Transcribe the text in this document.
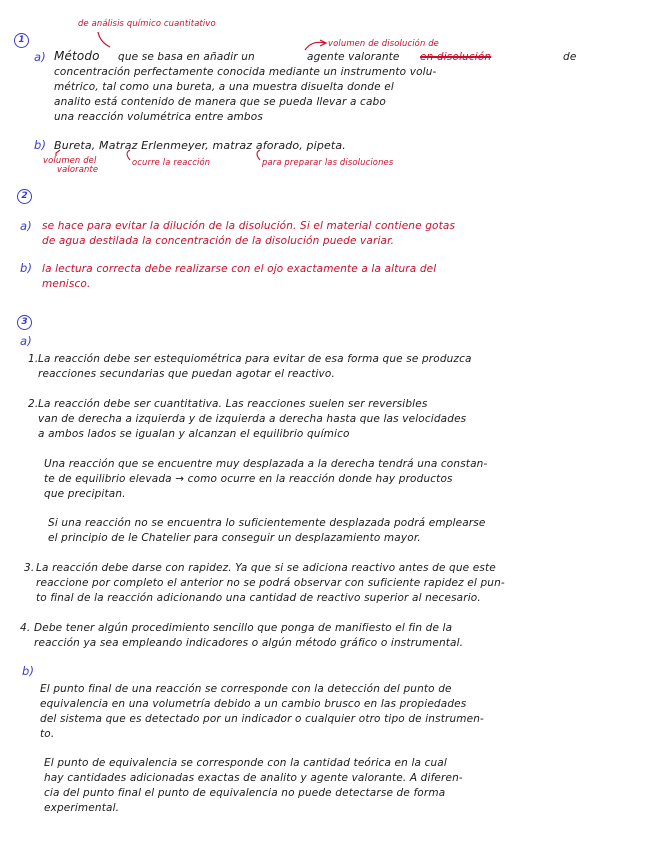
1
de análisis químico cuantitativo
volumen de disolución de
a) Método que se basa en añadir un	agente valorante en disolución	de
concentración perfectamente conocida mediante un instrumento volu-
métrico, tal como una bureta, a una muestra disuelta donde el
analito está contenido de manera que se pueda llevar a cabo
una reacción volumétrica entre ambos
b) Bureta, Matraz Erlenmeyer, matraz aforado, pipeta.
volumen del
valorante
ocurre la reacción	para preparar las disoluciones
2
a) se hace para evitar la dilución de la disolución. Si el material contiene gotas
de agua destilada la concentración de la disolución puede variar.
b) la lectura correcta debe realizarse con el ojo exactamente a la altura del
menisco.
3
a)
1. La reacción debe ser estequiométrica para evitar de esa forma que se produzca
reacciones secundarias que puedan agotar el reactivo.
2. La reacción debe ser cuantitativa. Las reacciones suelen ser reversibles
van de derecha a izquierda y de izquierda a derecha hasta que las velocidades
a ambos lados se igualan y alcanzan el equilibrio químico
Una reacción que se encuentre muy desplazada a la derecha tendrá una constan-
te de equilibrio elevada → como ocurre en la reacción donde hay productos
que precipitan.
Si una reacción no se encuentra lo suficientemente desplazada podrá emplearse
el principio de le Chatelier para conseguir un desplazamiento mayor.
3. La reacción debe darse con rapidez. Ya que si se adiciona reactivo antes de que este
reaccione por completo el anterior no se podrá observar con suficiente rapidez el pun-
to final de la reacción adicionando una cantidad de reactivo superior al necesario.
4. Debe tener algún procedimiento sencillo que ponga de manifiesto el fin de la
reacción ya sea empleando indicadores o algún método gráfico o instrumental.
b)
El punto final de una reacción se corresponde con la detección del punto de
equivalencia en una volumetría debido a un cambio brusco en las propiedades
del sistema que es detectado por un indicador o cualquier otro tipo de instrumen-
to.
El punto de equivalencia se corresponde con la cantidad teórica en la cual
hay cantidades adicionadas exactas de analito y agente valorante. A diferen-
cia del punto final el punto de equivalencia no puede detectarse de forma
experimental.
